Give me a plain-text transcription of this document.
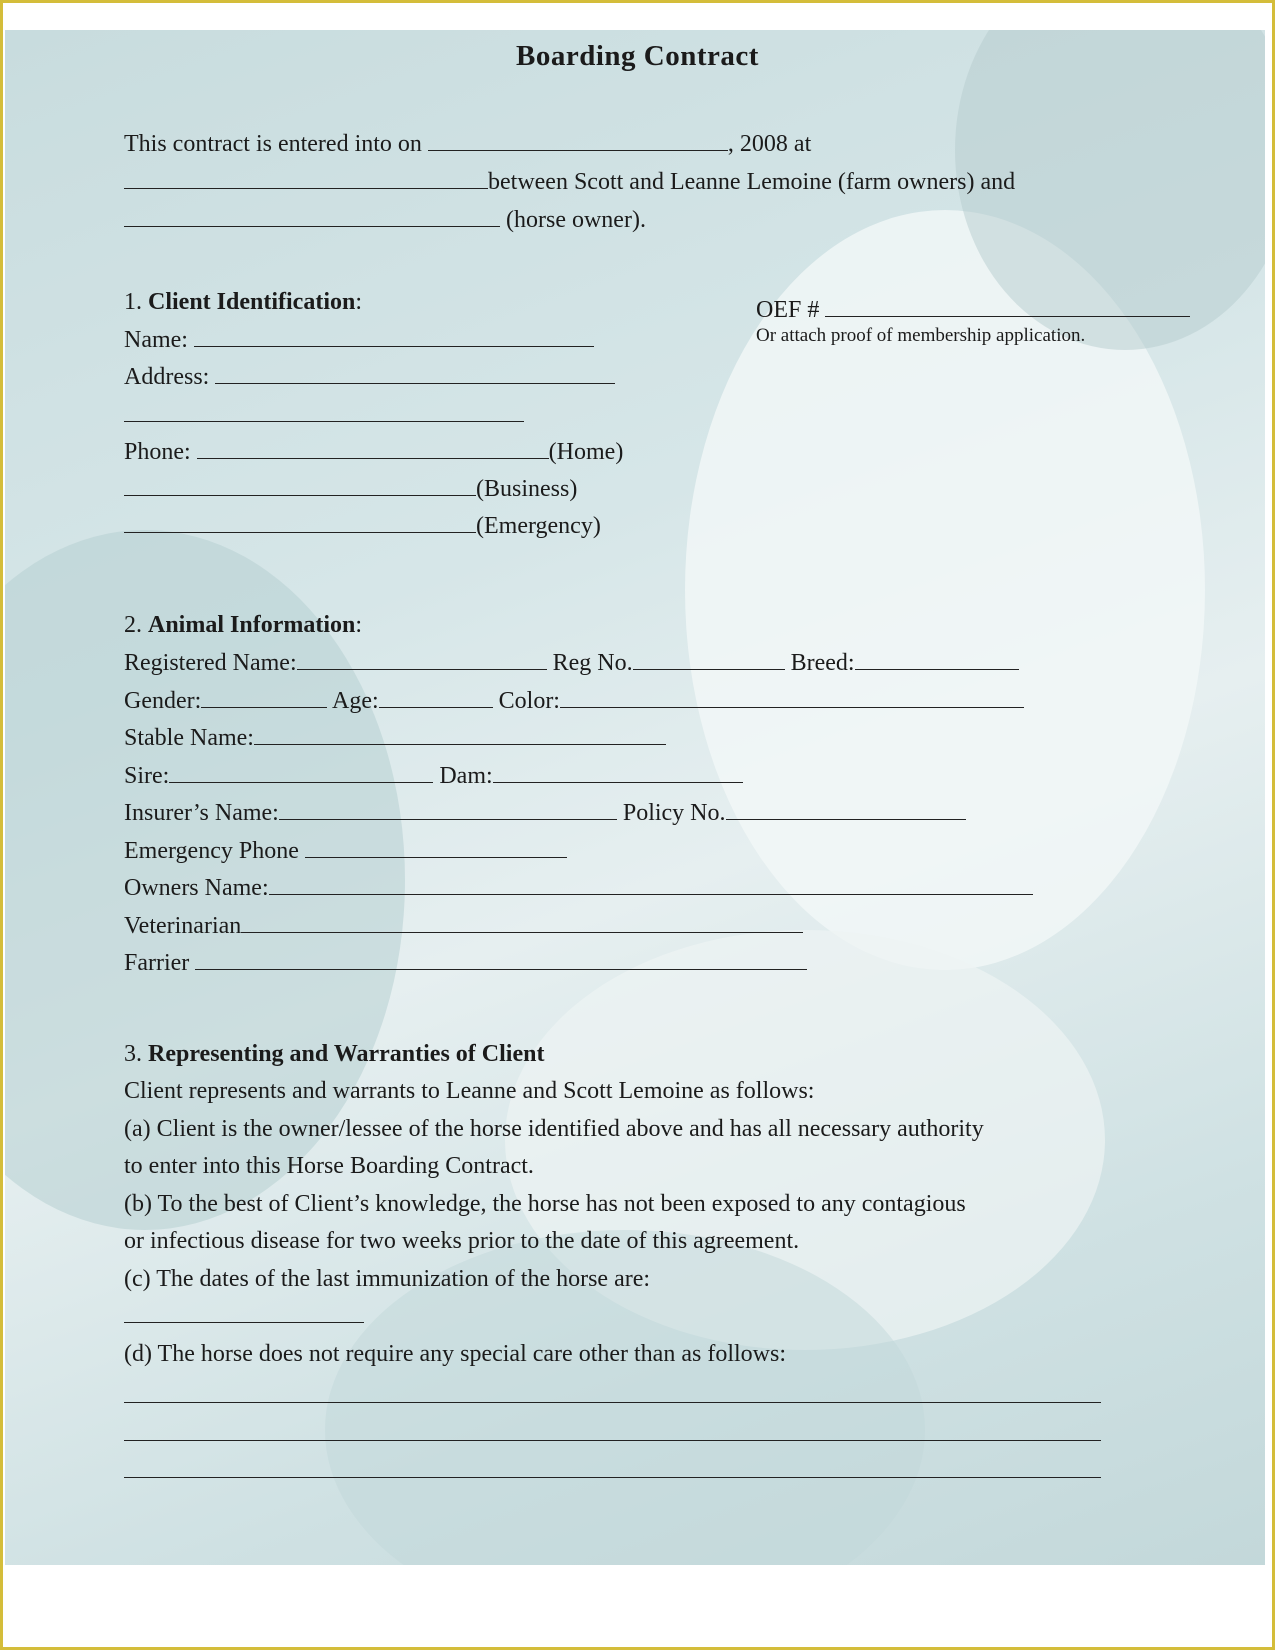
Boarding Contract
This contract is entered into on	, 2008 at
between Scott and Leanne Lemoine (farm owners) and
(horse owner).
1. Client Identification:	OEF #
Or attach proof of membership application.
Name:
Address:
Phone:	(Home)
(Business)
(Emergency)
2. Animal Information:
Registered Name:	Reg No.	Breed:
Gender:	Age:	Color:
Stable Name:
Sire:	Dam:
Insurer’s Name:	Policy No.
Emergency Phone
Owners Name:
Veterinarian
Farrier
3. Representing and Warranties of Client
Client represents and warrants to Leanne and Scott Lemoine as follows:
(a) Client is the owner/lessee of the horse identified above and has all necessary authority
to enter into this Horse Boarding Contract.
(b) To the best of Client’s knowledge, the horse has not been exposed to any contagious
or infectious disease for two weeks prior to the date of this agreement.
(c) The dates of the last immunization of the horse are:
(d) The horse does not require any special care other than as follows:
